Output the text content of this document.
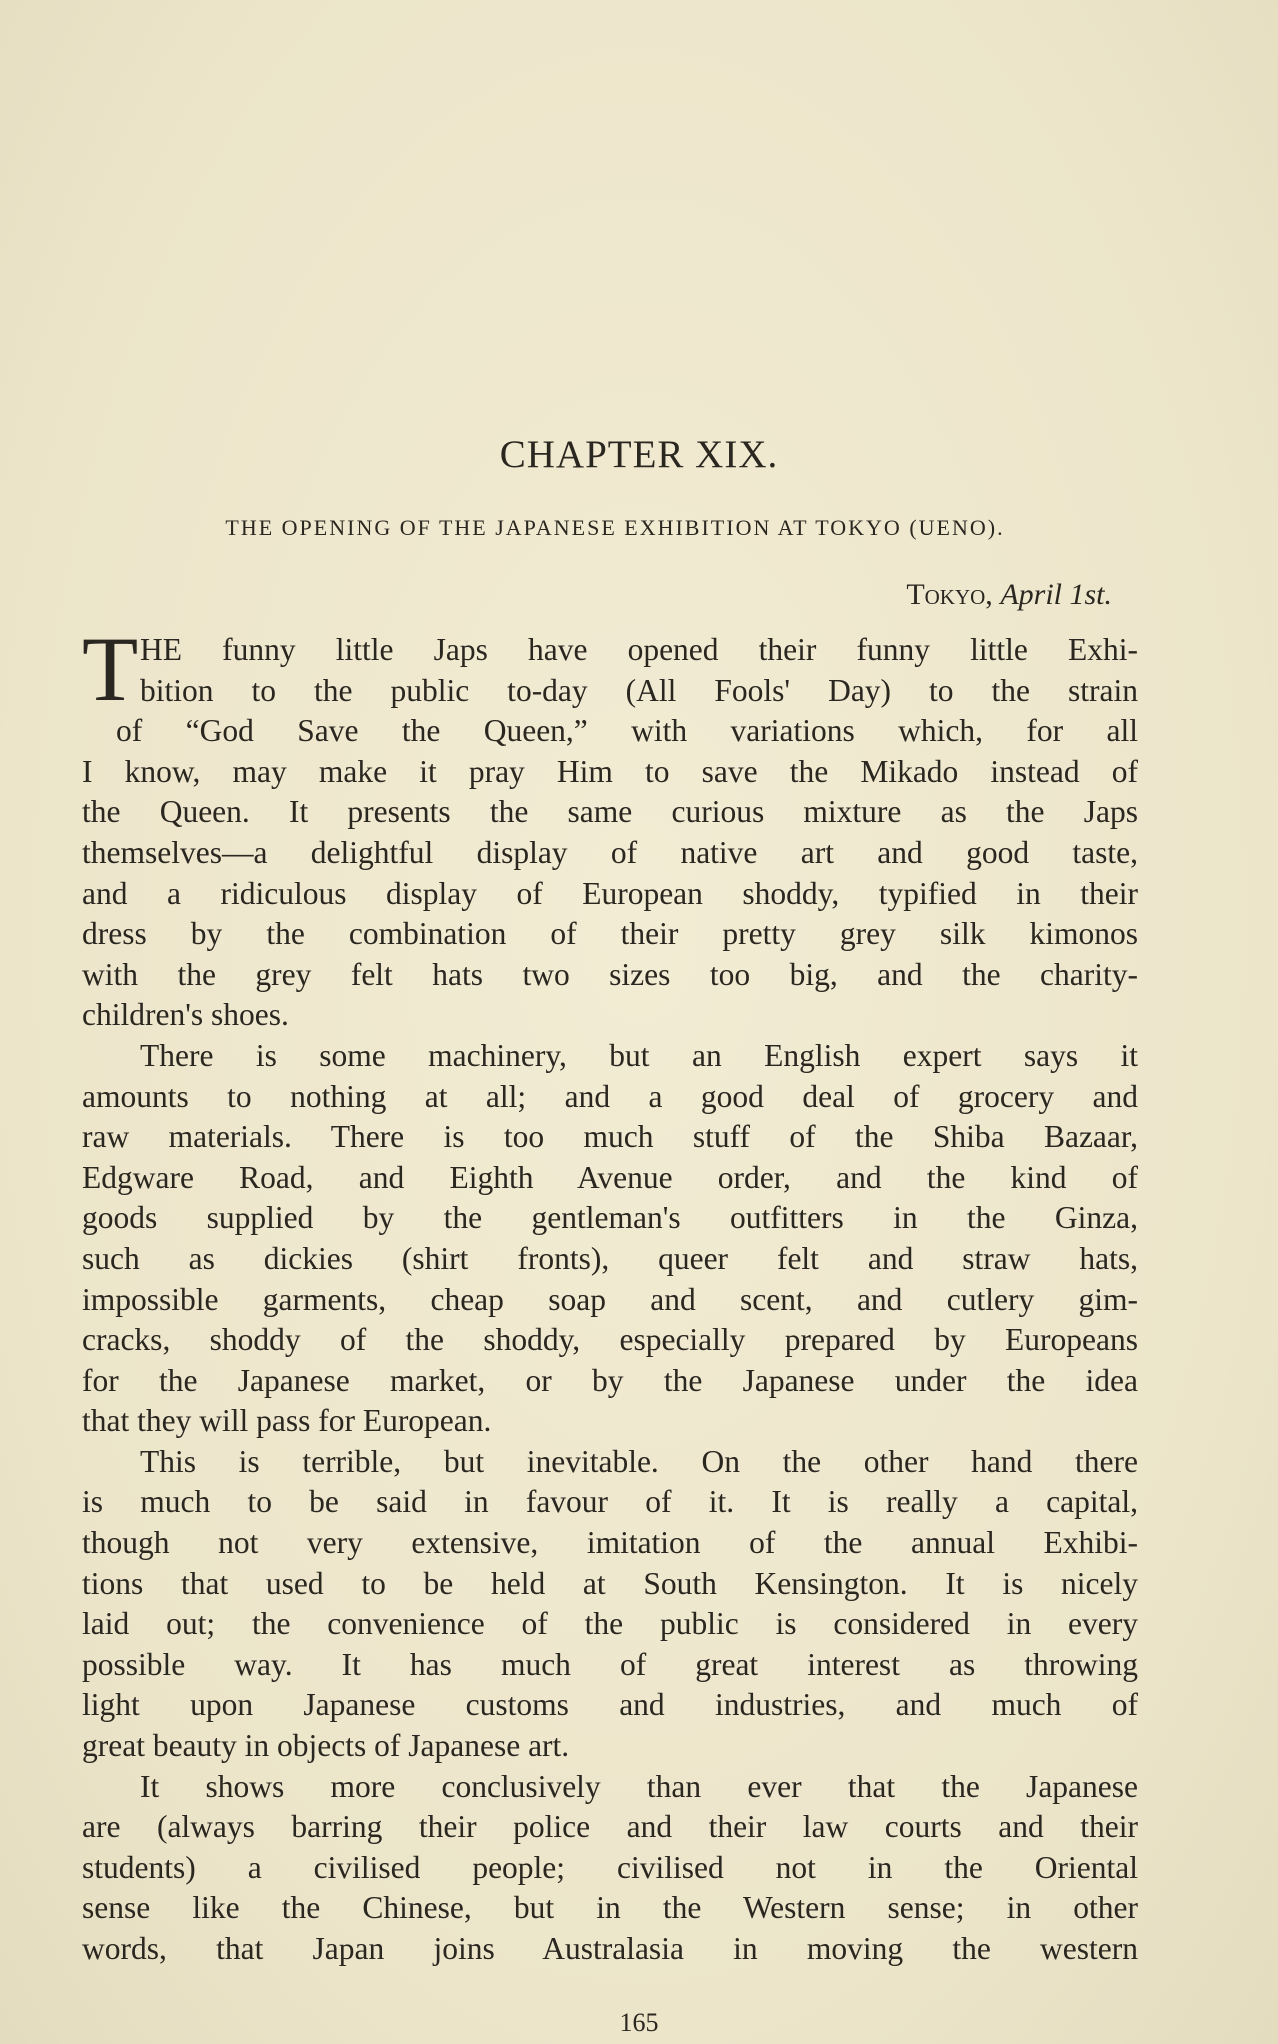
CHAPTER XIX.
THE OPENING OF THE JAPANESE EXHIBITION AT TOKYO (UENO).

Tokyo, April 1st.

T HE funny little Japs have opened their funny little Exhi-
bition to the public to-day (All Fools' Day) to the strain
of “God Save the Queen,” with variations which, for all
I know, may make it pray Him to save the Mikado instead of
the Queen. It presents the same curious mixture as the Japs
themselves—a delightful display of native art and good taste,
and a ridiculous display of European shoddy, typified in their
dress by the combination of their pretty grey silk kimonos
with the grey felt hats two sizes too big, and the charity-
children's shoes.
There is some machinery, but an English expert says it
amounts to nothing at all; and a good deal of grocery and
raw materials. There is too much stuff of the Shiba Bazaar,
Edgware Road, and Eighth Avenue order, and the kind of
goods supplied by the gentleman's outfitters in the Ginza,
such as dickies (shirt fronts), queer felt and straw hats,
impossible garments, cheap soap and scent, and cutlery gim-
cracks, shoddy of the shoddy, especially prepared by Europeans
for the Japanese market, or by the Japanese under the idea
that they will pass for European.
This is terrible, but inevitable. On the other hand there
is much to be said in favour of it. It is really a capital,
though not very extensive, imitation of the annual Exhibi-
tions that used to be held at South Kensington. It is nicely
laid out; the convenience of the public is considered in every
possible way. It has much of great interest as throwing
light upon Japanese customs and industries, and much of
great beauty in objects of Japanese art.
It shows more conclusively than ever that the Japanese
are (always barring their police and their law courts and their
students) a civilised people; civilised not in the Oriental
sense like the Chinese, but in the Western sense; in other
words, that Japan joins Australasia in moving the western

165
